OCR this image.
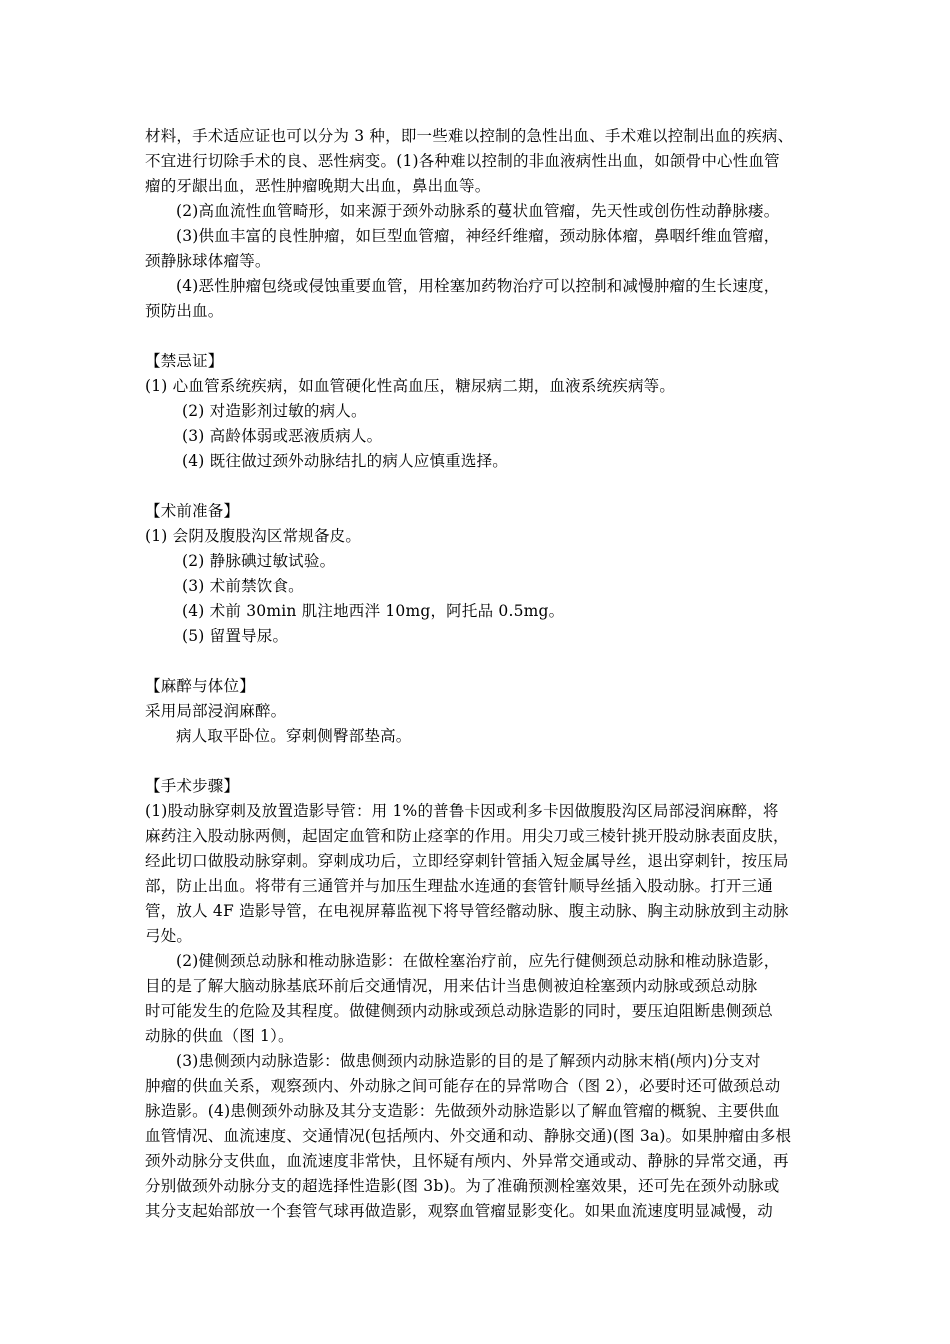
材料，手术适应证也可以分为 3 种，即一些难以控制的急性出血、手术难以控制出血的疾病、
不宜进行切除手术的良、恶性病变。(1)各种难以控制的非血液病性出血，如颌骨中心性血管
瘤的牙龈出血，恶性肿瘤晚期大出血，鼻出血等。
(2)高血流性血管畸形，如来源于颈外动脉系的蔓状血管瘤，先天性或创伤性动静脉瘘。
(3)供血丰富的良性肿瘤，如巨型血管瘤，神经纤维瘤，颈动脉体瘤，鼻咽纤维血管瘤，
颈静脉球体瘤等。
(4)恶性肿瘤包绕或侵蚀重要血管，用栓塞加药物治疗可以控制和减慢肿瘤的生长速度，
预防出血。
【禁忌证】
(1) 心血管系统疾病，如血管硬化性高血压，糖尿病二期，血液系统疾病等。
(2) 对造影剂过敏的病人。
(3) 高龄体弱或恶液质病人。
(4) 既往做过颈外动脉结扎的病人应慎重选择。
【术前准备】
(1) 会阴及腹股沟区常规备皮。
(2) 静脉碘过敏试验。
(3) 术前禁饮食。
(4) 术前 30min 肌注地西泮 10mg，阿托品 0.5mg。
(5) 留置导尿。
【麻醉与体位】
采用局部浸润麻醉。
病人取平卧位。穿刺侧臀部垫高。
【手术步骤】
(1)股动脉穿刺及放置造影导管：用 1%的普鲁卡因或利多卡因做腹股沟区局部浸润麻醉，将
麻药注入股动脉两侧，起固定血管和防止痉挛的作用。用尖刀或三棱针挑开股动脉表面皮肤，
经此切口做股动脉穿刺。穿刺成功后，立即经穿刺针管插入短金属导丝，退出穿刺针，按压局
部，防止出血。将带有三通管并与加压生理盐水连通的套管针顺导丝插入股动脉。打开三通
管，放人 4F 造影导管，在电视屏幕监视下将导管经髂动脉、腹主动脉、胸主动脉放到主动脉
弓处。
(2)健侧颈总动脉和椎动脉造影：在做栓塞治疗前，应先行健侧颈总动脉和椎动脉造影，
目的是了解大脑动脉基底环前后交通情况，用来估计当患侧被迫栓塞颈内动脉或颈总动脉
时可能发生的危险及其程度。做健侧颈内动脉或颈总动脉造影的同时，要压迫阻断患侧颈总
动脉的供血（图 1）。
(3)患侧颈内动脉造影：做患侧颈内动脉造影的目的是了解颈内动脉末梢(颅内)分支对
肿瘤的供血关系，观察颈内、外动脉之间可能存在的异常吻合（图 2），必要时还可做颈总动
脉造影。(4)患侧颈外动脉及其分支造影：先做颈外动脉造影以了解血管瘤的概貌、主要供血
血管情况、血流速度、交通情况(包括颅内、外交通和动、静脉交通)(图 3a)。如果肿瘤由多根
颈外动脉分支供血，血流速度非常快，且怀疑有颅内、外异常交通或动、静脉的异常交通，再
分别做颈外动脉分支的超选择性造影(图 3b)。为了准确预测栓塞效果，还可先在颈外动脉或
其分支起始部放一个套管气球再做造影，观察血管瘤显影变化。如果血流速度明显减慢，动
